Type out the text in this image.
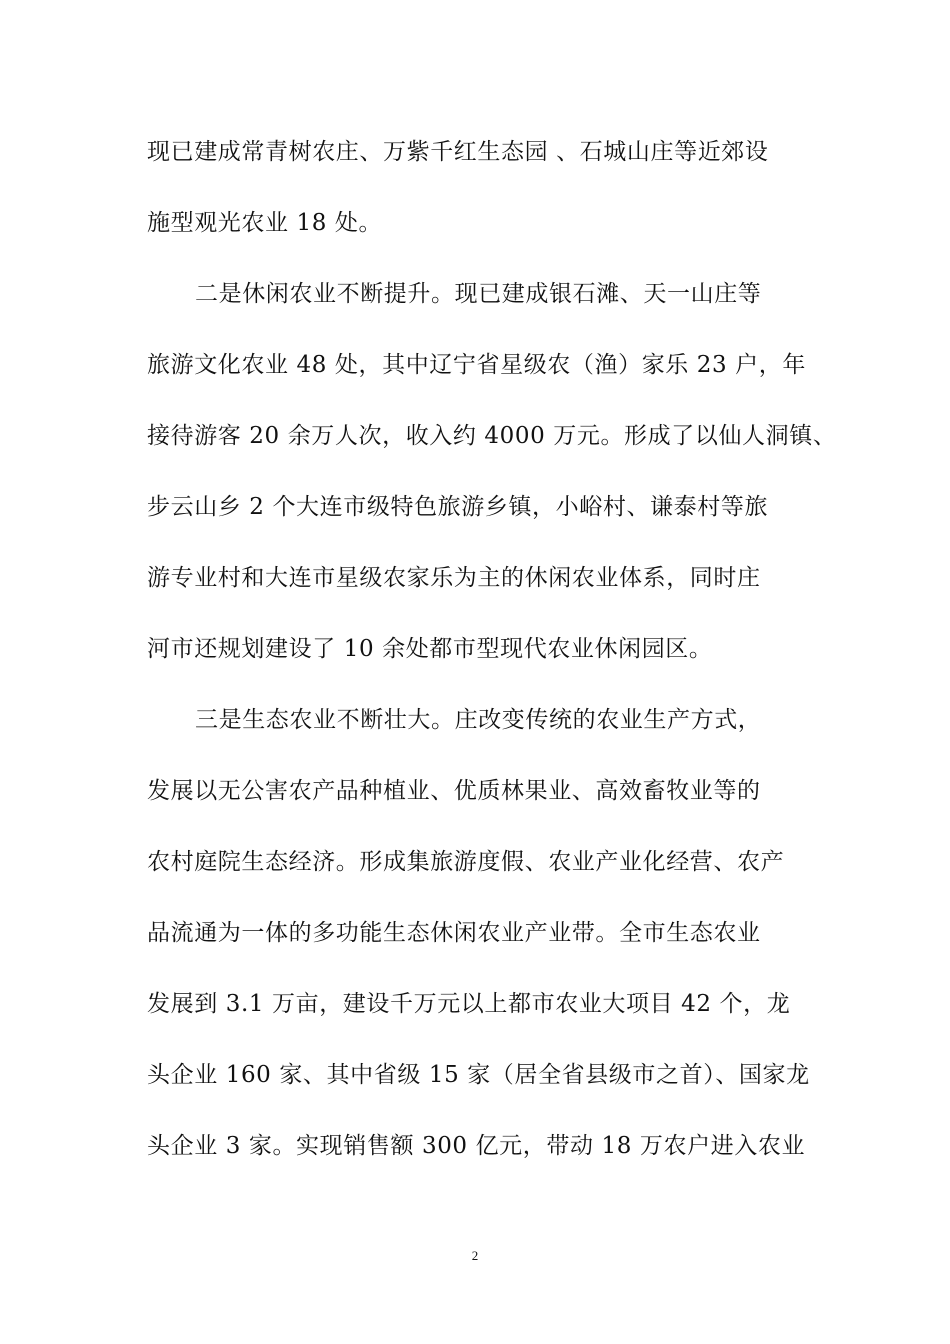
现已建成常青树农庄、万紫千红生态园 、石城山庄等近郊设
施型观光农业 18 处。
二是休闲农业不断提升。现已建成银石滩、天一山庄等
旅游文化农业 48 处，其中辽宁省星级农（渔）家乐 23 户，年
接待游客 20 余万人次，收入约 4000 万元。形成了以仙人洞镇、
步云山乡 2 个大连市级特色旅游乡镇，小峪村、谦泰村等旅
游专业村和大连市星级农家乐为主的休闲农业体系，同时庄
河市还规划建设了 10 余处都市型现代农业休闲园区。
三是生态农业不断壮大。庄改变传统的农业生产方式，
发展以无公害农产品种植业、优质林果业、高效畜牧业等的
农村庭院生态经济。形成集旅游度假、农业产业化经营、农产
品流通为一体的多功能生态休闲农业产业带。全市生态农业
发展到 3.1 万亩，建设千万元以上都市农业大项目 42 个，龙
头企业 160 家、其中省级 15 家（居全省县级市之首）、国家龙
头企业 3 家。实现销售额 300 亿元，带动 18 万农户进入农业
2
